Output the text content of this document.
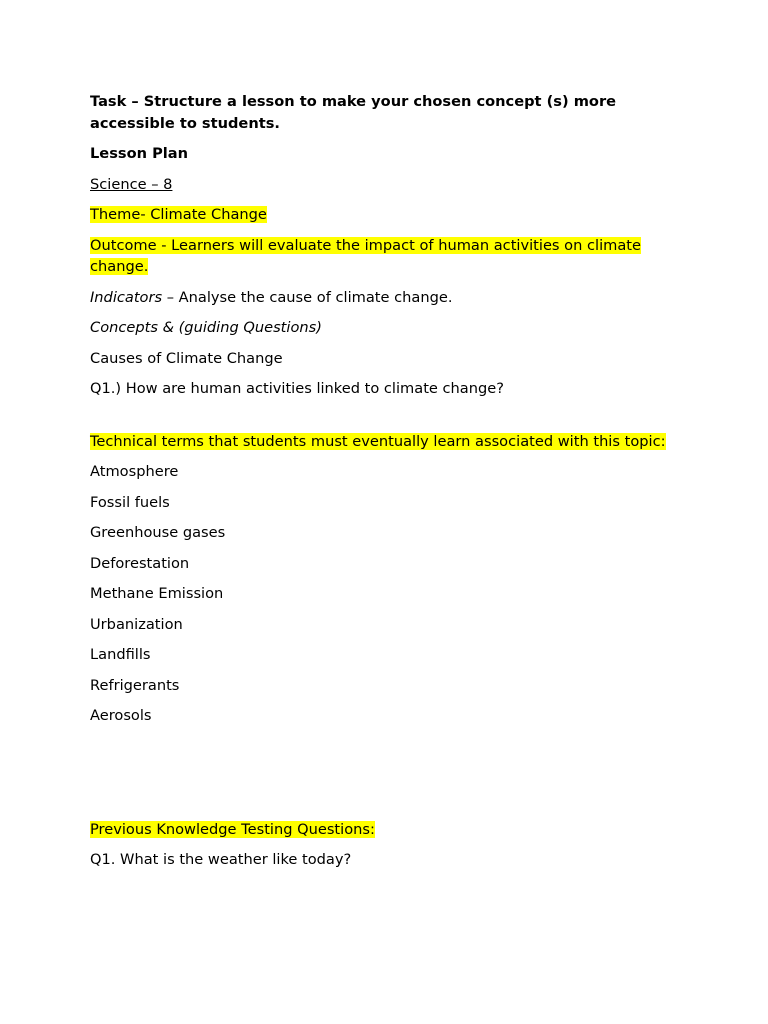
Task – Structure a lesson to make your chosen concept (s) more accessible to students.

Lesson Plan

Science – 8

Theme- Climate Change

Outcome - Learners will evaluate the impact of human activities on climate change.

Indicators – Analyse the cause of climate change.

Concepts & (guiding Questions)

Causes of Climate Change

Q1.) How are human activities linked to climate change?

Technical terms that students must eventually learn associated with this topic:

Atmosphere

Fossil fuels

Greenhouse gases

Deforestation

Methane Emission

Urbanization

Landfills

Refrigerants

Aerosols

Previous Knowledge Testing Questions:

Q1. What is the weather like today?
